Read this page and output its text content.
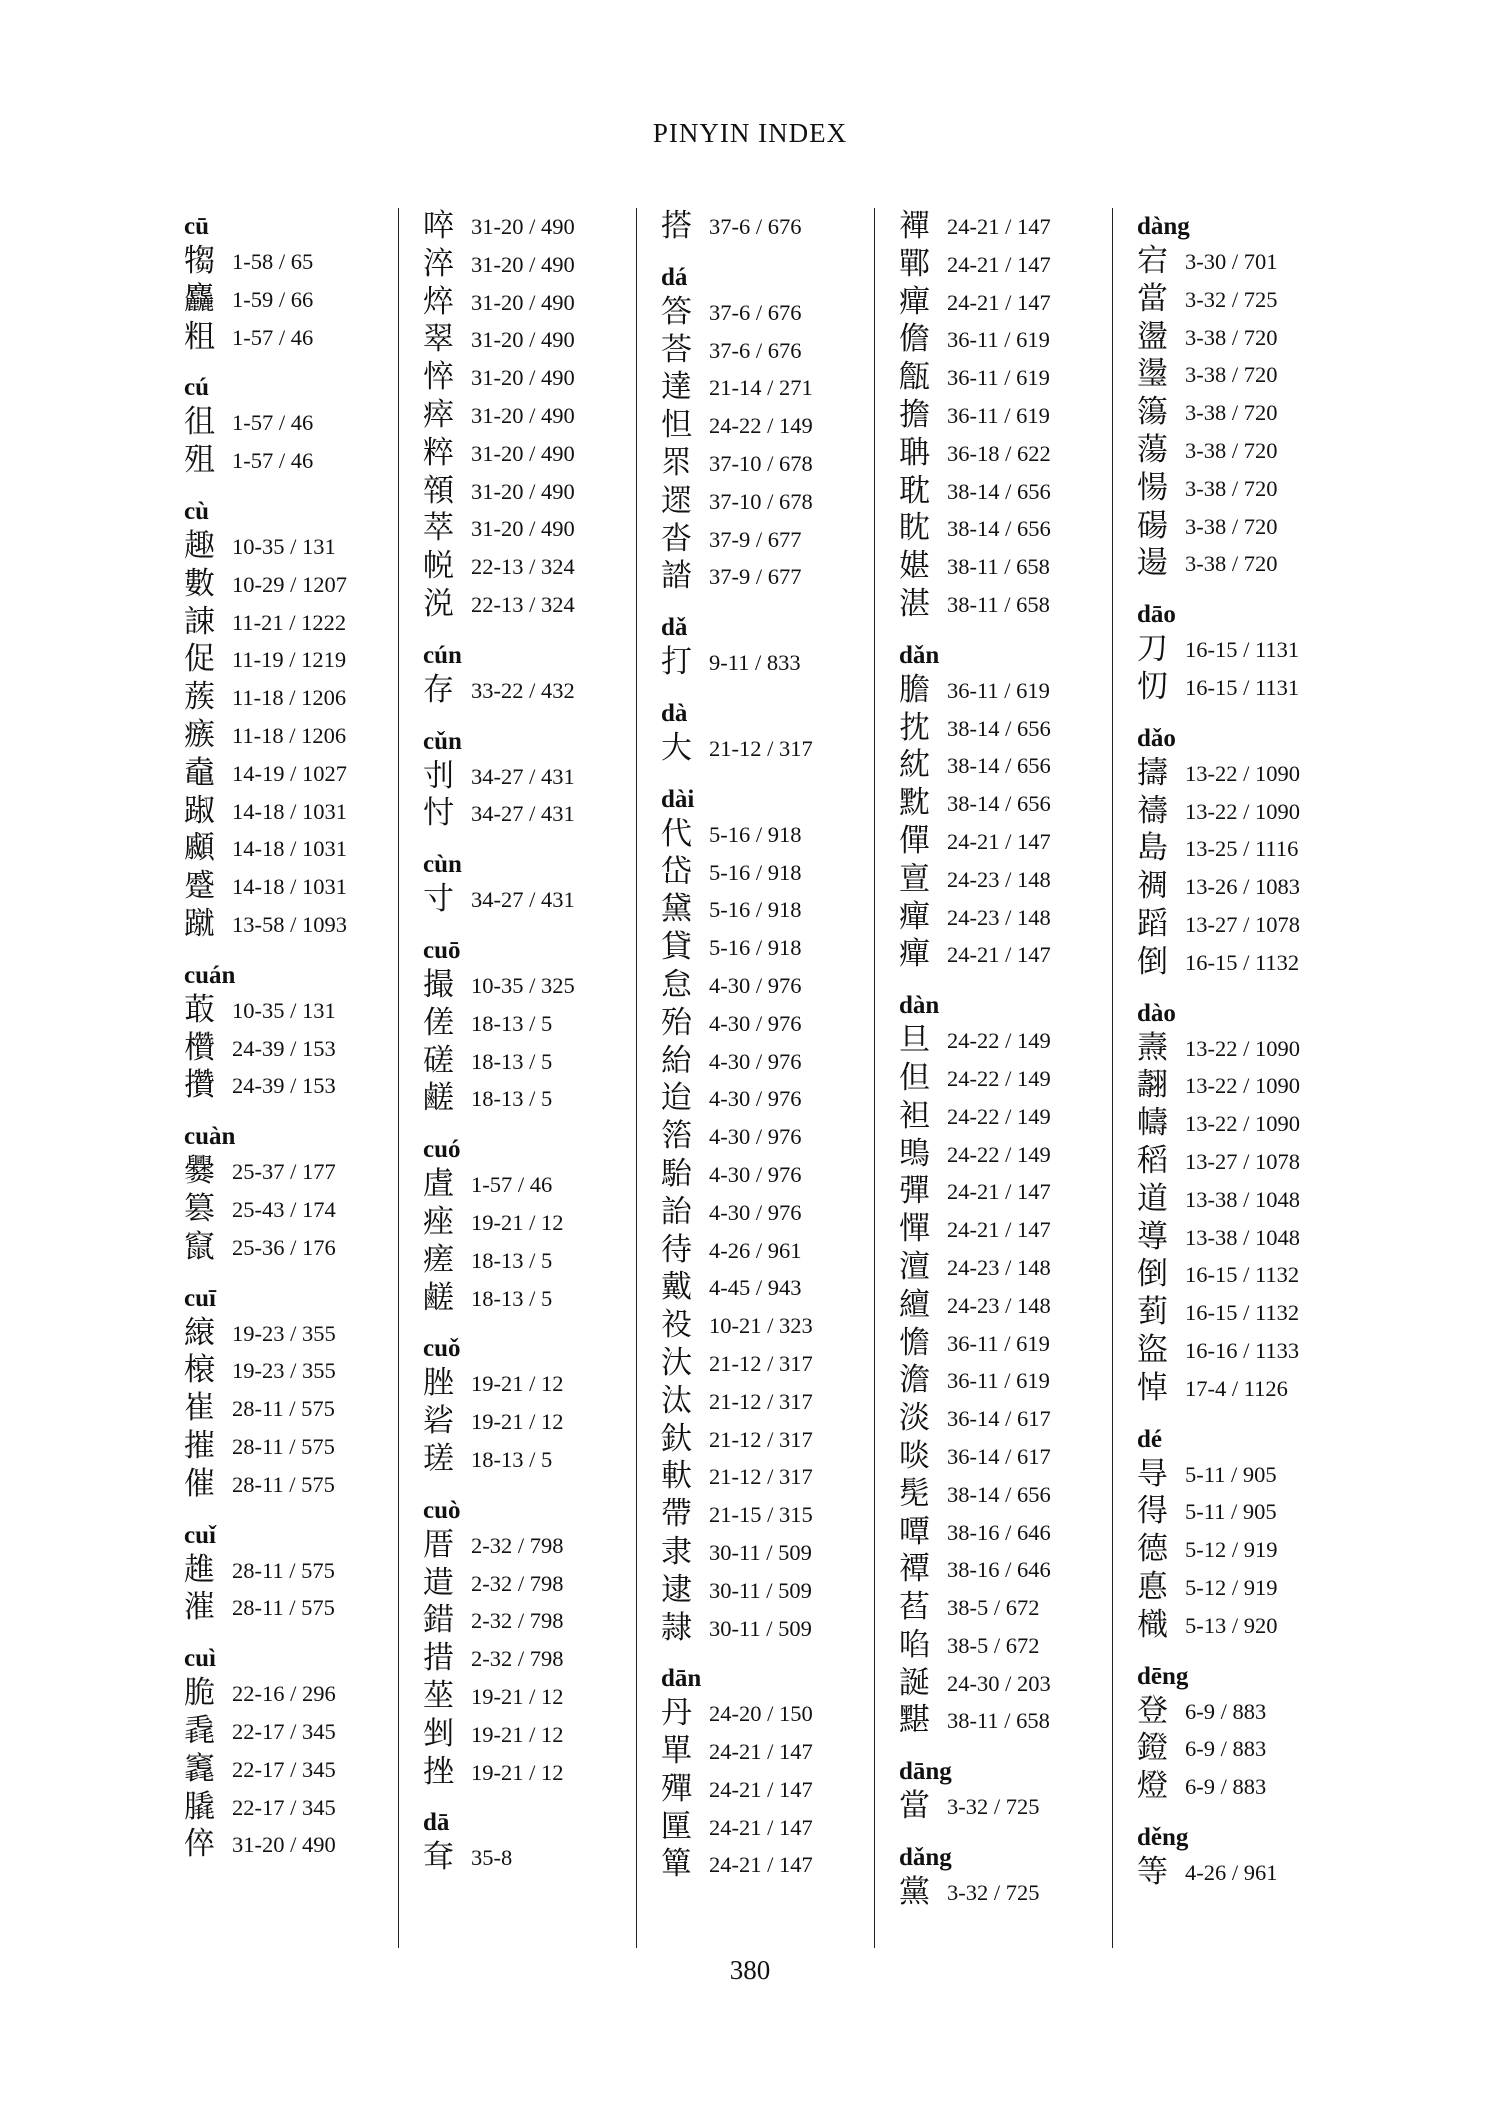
PINYIN INDEX
cū
犓 1-58 / 65
麤 1-59 / 66
粗 1-57 / 46
cú
徂 1-57 / 46
殂 1-57 / 46
cù
趣 10-35 / 131
數 10-29 / 1207
誎 11-21 / 1222
促 11-19 / 1219
蔟 11-18 / 1206
瘯 11-18 / 1206
鼀 14-19 / 1027
踧 14-18 / 1031
顣 14-18 / 1031
蹙 14-18 / 1031
蹴 13-58 / 1093
cuán
菆 10-35 / 131
欑 24-39 / 153
攢 24-39 / 153
cuàn
爨 25-37 / 177
篡 25-43 / 174
竄 25-36 / 176
cuī
縗 19-23 / 355
榱 19-23 / 355
崔 28-11 / 575
摧 28-11 / 575
催 28-11 / 575
cuǐ
趡 28-11 / 575
漼 28-11 / 575
cuì
脆 22-16 / 296
毳 22-17 / 345
竁 22-17 / 345
膬 22-17 / 345
倅 31-20 / 490
啐 31-20 / 490
淬 31-20 / 490
焠 31-20 / 490
翠 31-20 / 490
悴 31-20 / 490
瘁 31-20 / 490
粹 31-20 / 490
顇 31-20 / 490
萃 31-20 / 490
帨 22-13 / 324
涚 22-13 / 324
cún
存 33-22 / 432
cǔn
刌 34-27 / 431
忖 34-27 / 431
cùn
寸 34-27 / 431
cuō
撮 10-35 / 325
傞 18-13 / 5
磋 18-13 / 5
鹺 18-13 / 5
cuó
虘 1-57 / 46
痤 19-21 / 12
瘥 18-13 / 5
鹺 18-13 / 5
cuǒ
脞 19-21 / 12
硰 19-21 / 12
瑳 18-13 / 5
cuò
厝 2-32 / 798
逪 2-32 / 798
錯 2-32 / 798
措 2-32 / 798
莝 19-21 / 12
剉 19-21 / 12
挫 19-21 / 12
dā
耷 35-8
搭 37-6 / 676
dá
答 37-6 / 676
荅 37-6 / 676
達 21-14 / 271
怛 24-22 / 149
眔 37-10 / 678
遝 37-10 / 678
沓 37-9 / 677
誻 37-9 / 677
dǎ
打 9-11 / 833
dà
大 21-12 / 317
dài
代 5-16 / 918
岱 5-16 / 918
黛 5-16 / 918
貸 5-16 / 918
怠 4-30 / 976
殆 4-30 / 976
紿 4-30 / 976
迨 4-30 / 976
箈 4-30 / 976
駘 4-30 / 976
詒 4-30 / 976
待 4-26 / 961
戴 4-45 / 943
祋 10-21 / 323
汏 21-12 / 317
汰 21-12 / 317
釱 21-12 / 317
軑 21-12 / 317
帶 21-15 / 315
隶 30-11 / 509
逮 30-11 / 509
隷 30-11 / 509
dān
丹 24-20 / 150
單 24-21 / 147
殫 24-21 / 147
匰 24-21 / 147
簞 24-21 / 147
襌 24-21 / 147
鄲 24-21 / 147
癉 24-21 / 147
儋 36-11 / 619
甔 36-11 / 619
擔 36-11 / 619
聃 36-18 / 622
耽 38-14 / 656
眈 38-14 / 656
媅 38-11 / 658
湛 38-11 / 658
dǎn
膽 36-11 / 619
抌 38-14 / 656
紞 38-14 / 656
黕 38-14 / 656
僤 24-21 / 147
亶 24-23 / 148
癉 24-23 / 148
癉 24-21 / 147
dàn
旦 24-22 / 149
但 24-22 / 149
袒 24-22 / 149
鴠 24-22 / 149
彈 24-21 / 147
憚 24-21 / 147
澶 24-23 / 148
繵 24-23 / 148
憺 36-11 / 619
澹 36-11 / 619
淡 36-14 / 617
啖 36-14 / 617
髧 38-14 / 656
嘾 38-16 / 646
禫 38-16 / 646
萏 38-5 / 672
啗 38-5 / 672
誕 24-30 / 203
黮 38-11 / 658
dāng
當 3-32 / 725
dǎng
黨 3-32 / 725
dàng
宕 3-30 / 701
當 3-32 / 725
盪 3-38 / 720
璗 3-38 / 720
簜 3-38 / 720
蕩 3-38 / 720
愓 3-38 / 720
碭 3-38 / 720
逿 3-38 / 720
dāo
刀 16-15 / 1131
忉 16-15 / 1131
dǎo
擣 13-22 / 1090
禱 13-22 / 1090
島 13-25 / 1116
禂 13-26 / 1083
蹈 13-27 / 1078
倒 16-15 / 1132
dào
燾 13-22 / 1090
翿 13-22 / 1090
幬 13-22 / 1090
稻 13-27 / 1078
道 13-38 / 1048
導 13-38 / 1048
倒 16-15 / 1132
菿 16-15 / 1132
盜 16-16 / 1133
悼 17-4 / 1126
dé
㝵 5-11 / 905
得 5-11 / 905
德 5-12 / 919
悳 5-12 / 919
樴 5-13 / 920
dēng
登 6-9 / 883
鐙 6-9 / 883
燈 6-9 / 883
děng
等 4-26 / 961
380
